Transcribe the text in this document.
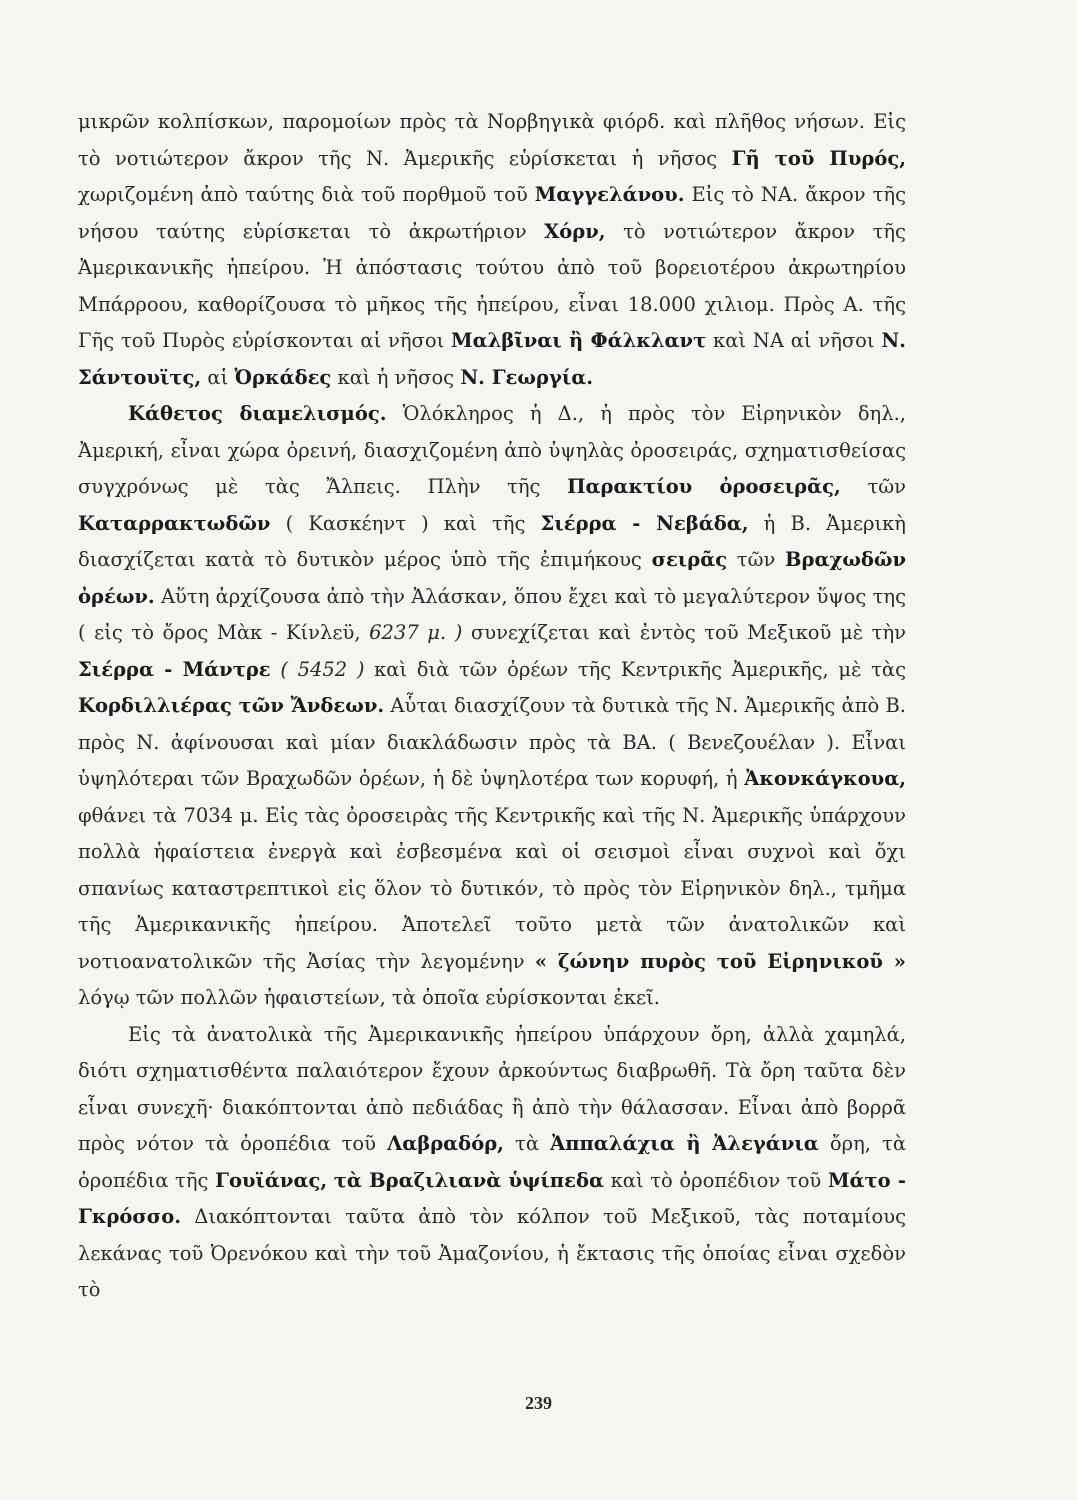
μικρῶν κολπίσκων, παρομοίων πρὸς τὰ Νορβηγικὰ φιόρδ. καὶ πλῆθος νήσων. Εἰς τὸ νοτιώτερον ἄκρον τῆς Ν. Ἀμερικῆς εὑρίσκεται ἡ νῆσος Γῆ τοῦ Πυρός, χωριζομένη ἀπὸ ταύτης διὰ τοῦ πορθμοῦ τοῦ Μαγγελάνου. Εἰς τὸ ΝΑ. ἄκρον τῆς νήσου ταύτης εὑρίσκεται τὸ ἀκρωτήριον Χόρν, τὸ νοτιώτερον ἄκρον τῆς Ἀμερικανικῆς ἠπείρου. Ἡ ἀπόστασις τούτου ἀπὸ τοῦ βορειοτέρου ἀκρωτηρίου Μπάρροου, καθορίζουσα τὸ μῆκος τῆς ἠπείρου, εἶναι 18.000 χιλιομ. Πρὸς Α. τῆς Γῆς τοῦ Πυρὸς εὑρίσκονται αἱ νῆσοι Μαλβῖναι ἢ Φάλκλαντ καὶ ΝΑ αἱ νῆσοι Ν. Σάντουϊτς, αἱ Ὀρκάδες καὶ ἡ νῆσος Ν. Γεωργία.

Κάθετος διαμελισμός. Ὁλόκληρος ἡ Δ., ἡ πρὸς τὸν Εἰρηνικὸν δηλ., Ἀμερική, εἶναι χώρα ὀρεινή, διασχιζομένη ἀπὸ ὑψηλὰς ὀροσειράς, σχηματισθείσας συγχρόνως μὲ τὰς Ἄλπεις. Πλὴν τῆς Παρακτίου ὀροσειρᾶς, τῶν Καταρρακτωδῶν ( Κασκέηντ ) καὶ τῆς Σιέρρα - Νεβάδα, ἡ Β. Ἀμερικὴ διασχίζεται κατὰ τὸ δυτικὸν μέρος ὑπὸ τῆς ἐπιμήκους σειρᾶς τῶν Βραχωδῶν ὀρέων. Αὕτη ἀρχίζουσα ἀπὸ τὴν Ἀλάσκαν, ὅπου ἔχει καὶ τὸ μεγαλύτερον ὕψος της ( εἰς τὸ ὄρος Μὰκ - Κίνλεϋ, 6237 μ. ) συνεχίζεται καὶ ἐντὸς τοῦ Μεξικοῦ μὲ τὴν Σιέρρα - Μάντρε ( 5452 ) καὶ διὰ τῶν ὀρέων τῆς Κεντρικῆς Ἀμερικῆς, μὲ τὰς Κορδιλλιέρας τῶν Ἄνδεων. Αὗται διασχίζουν τὰ δυτικὰ τῆς Ν. Ἀμερικῆς ἀπὸ Β. πρὸς Ν. ἀφίνουσαι καὶ μίαν διακλάδωσιν πρὸς τὰ ΒΑ. ( Βενεζουέλαν ). Εἶναι ὑψηλότεραι τῶν Βραχωδῶν ὀρέων, ἡ δὲ ὑψηλοτέρα των κορυφή, ἡ Ἀκονκάγκουα, φθάνει τὰ 7034 μ. Εἰς τὰς ὀροσειρὰς τῆς Κεντρικῆς καὶ τῆς Ν. Ἀμερικῆς ὑπάρχουν πολλὰ ἡφαίστεια ἐνεργὰ καὶ ἐσβεσμένα καὶ οἱ σεισμοὶ εἶναι συχνοὶ καὶ ὄχι σπανίως καταστρεπτικοὶ εἰς ὅλον τὸ δυτικόν, τὸ πρὸς τὸν Εἰρηνικὸν δηλ., τμῆμα τῆς Ἀμερικανικῆς ἠπείρου. Ἀποτελεῖ τοῦτο μετὰ τῶν ἀνατολικῶν καὶ νοτιοανατολικῶν τῆς Ἀσίας τὴν λεγομένην « ζώνην πυρὸς τοῦ Εἰρηνικοῦ » λόγῳ τῶν πολλῶν ἡφαιστείων, τὰ ὁποῖα εὑρίσκονται ἐκεῖ.

Εἰς τὰ ἀνατολικὰ τῆς Ἀμερικανικῆς ἠπείρου ὑπάρχουν ὄρη, ἀλλὰ χαμηλά, διότι σχηματισθέντα παλαιότερον ἔχουν ἀρκούντως διαβρωθῆ. Τὰ ὄρη ταῦτα δὲν εἶναι συνεχῆ· διακόπτονται ἀπὸ πεδιάδας ἢ ἀπὸ τὴν θάλασσαν. Εἶναι ἀπὸ βορρᾶ πρὸς νότον τὰ ὀροπέδια τοῦ Λαβραδόρ, τὰ Ἀππαλάχια ἢ Ἀλεγάνια ὄρη, τὰ ὀροπέδια τῆς Γουϊάνας, τὰ Βραζιλιανὰ ὑψίπεδα καὶ τὸ ὀροπέδιον τοῦ Μάτο - Γκρόσσο. Διακόπτονται ταῦτα ἀπὸ τὸν κόλπον τοῦ Μεξικοῦ, τὰς ποταμίους λεκάνας τοῦ Ὀρενόκου καὶ τὴν τοῦ Ἀμαζονίου, ἡ ἔκτασις τῆς ὁποίας εἶναι σχεδὸν τὸ

239
